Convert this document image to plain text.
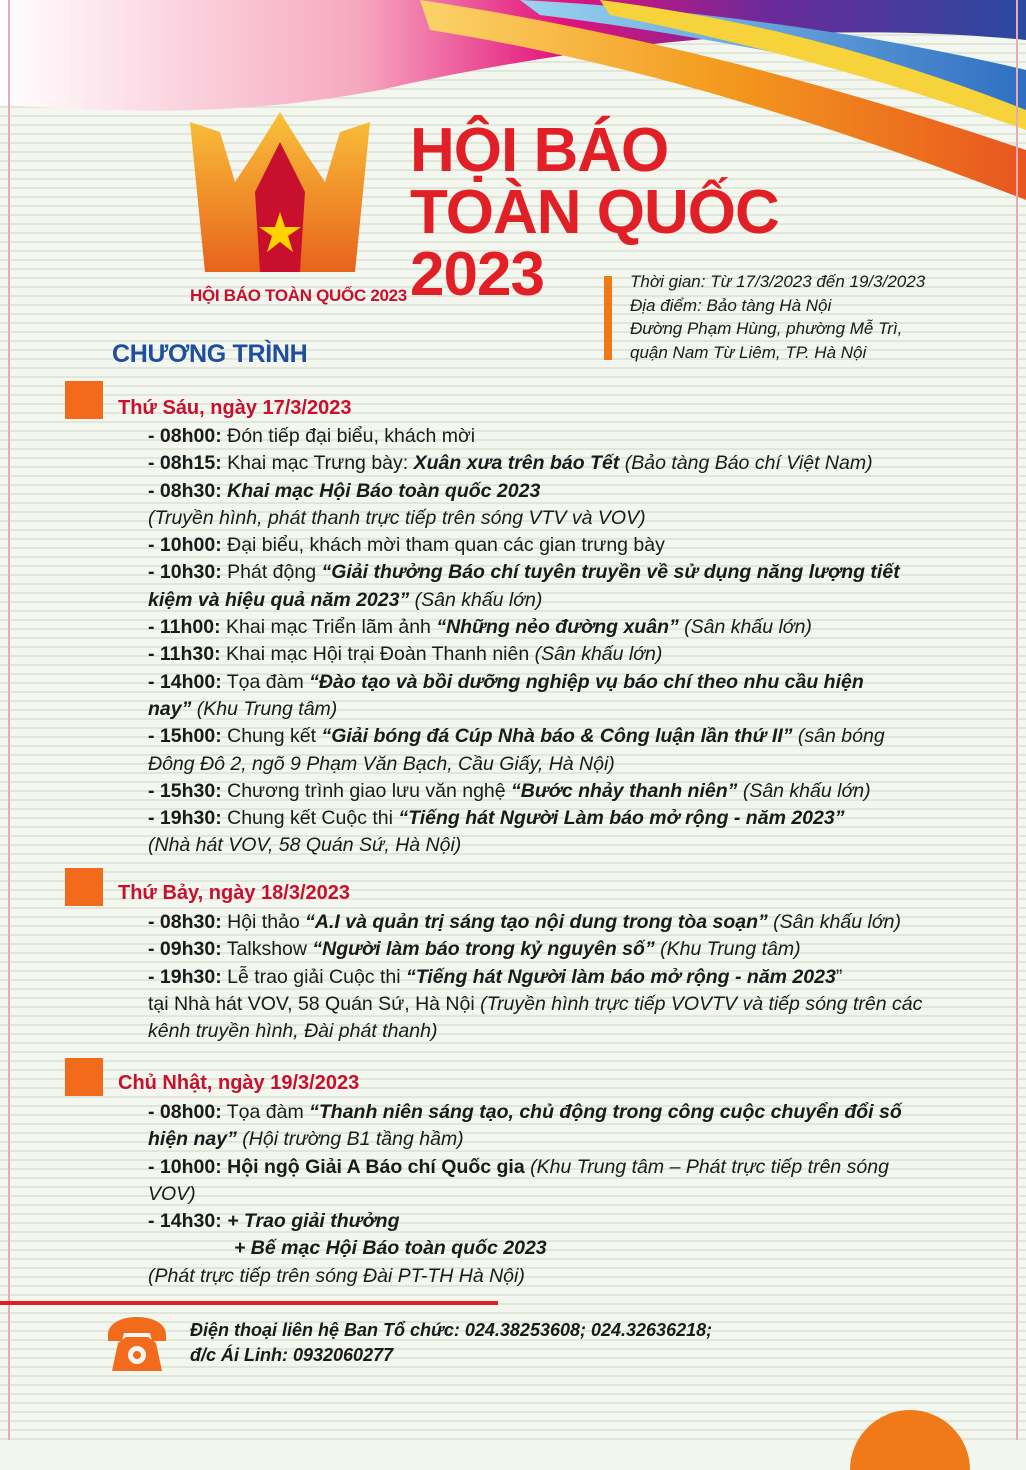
HỘI BÁO TOÀN QUỐC 2023
HỘI BÁO
TOÀN QUỐC
2023	Thời gian: Từ 17/3/2023 đến 19/3/2023
Địa điểm: Bảo tàng Hà Nội
Đường Phạm Hùng, phường Mễ Trì,
quận Nam Từ Liêm, TP. Hà Nội
CHƯƠNG TRÌNH
Thứ Sáu, ngày 17/3/2023
- 08h00: Đón tiếp đại biểu, khách mời
- 08h15: Khai mạc Trưng bày: Xuân xưa trên báo Tết (Bảo tàng Báo chí Việt Nam)
- 08h30: Khai mạc Hội Báo toàn quốc 2023
(Truyền hình, phát thanh trực tiếp trên sóng VTV và VOV)
- 10h00: Đại biểu, khách mời tham quan các gian trưng bày
- 10h30: Phát động “Giải thưởng Báo chí tuyên truyền về sử dụng năng lượng tiết
kiệm và hiệu quả năm 2023” (Sân khấu lớn)
- 11h00: Khai mạc Triển lãm ảnh “Những nẻo đường xuân” (Sân khấu lớn)
- 11h30: Khai mạc Hội trại Đoàn Thanh niên (Sân khấu lớn)
- 14h00: Tọa đàm “Đào tạo và bồi dưỡng nghiệp vụ báo chí theo nhu cầu hiện
nay” (Khu Trung tâm)
- 15h00: Chung kết “Giải bóng đá Cúp Nhà báo & Công luận lần thứ II” (sân bóng
Đông Đô 2, ngõ 9 Phạm Văn Bạch, Cầu Giấy, Hà Nội)
- 15h30: Chương trình giao lưu văn nghệ “Bước nhảy thanh niên” (Sân khấu lớn)
- 19h30: Chung kết Cuộc thi “Tiếng hát Người Làm báo mở rộng - năm 2023”
(Nhà hát VOV, 58 Quán Sứ, Hà Nội)
Thứ Bảy, ngày 18/3/2023
- 08h30: Hội thảo “A.I và quản trị sáng tạo nội dung trong tòa soạn” (Sân khấu lớn)
- 09h30: Talkshow “Người làm báo trong kỷ nguyên số” (Khu Trung tâm)
- 19h30: Lễ trao giải Cuộc thi “Tiếng hát Người làm báo mở rộng - năm 2023”
tại Nhà hát VOV, 58 Quán Sứ, Hà Nội (Truyền hình trực tiếp VOVTV và tiếp sóng trên các
kênh truyền hình, Đài phát thanh)
Chủ Nhật, ngày 19/3/2023
- 08h00: Tọa đàm “Thanh niên sáng tạo, chủ động trong công cuộc chuyển đổi số
hiện nay” (Hội trường B1 tầng hầm)
- 10h00: Hội ngộ Giải A Báo chí Quốc gia (Khu Trung tâm – Phát trực tiếp trên sóng
VOV)
- 14h30: + Trao giải thưởng
+ Bế mạc Hội Báo toàn quốc 2023
(Phát trực tiếp trên sóng Đài PT-TH Hà Nội)
Điện thoại liên hệ Ban Tổ chức: 024.38253608; 024.32636218;
đ/c Ái Linh: 0932060277
